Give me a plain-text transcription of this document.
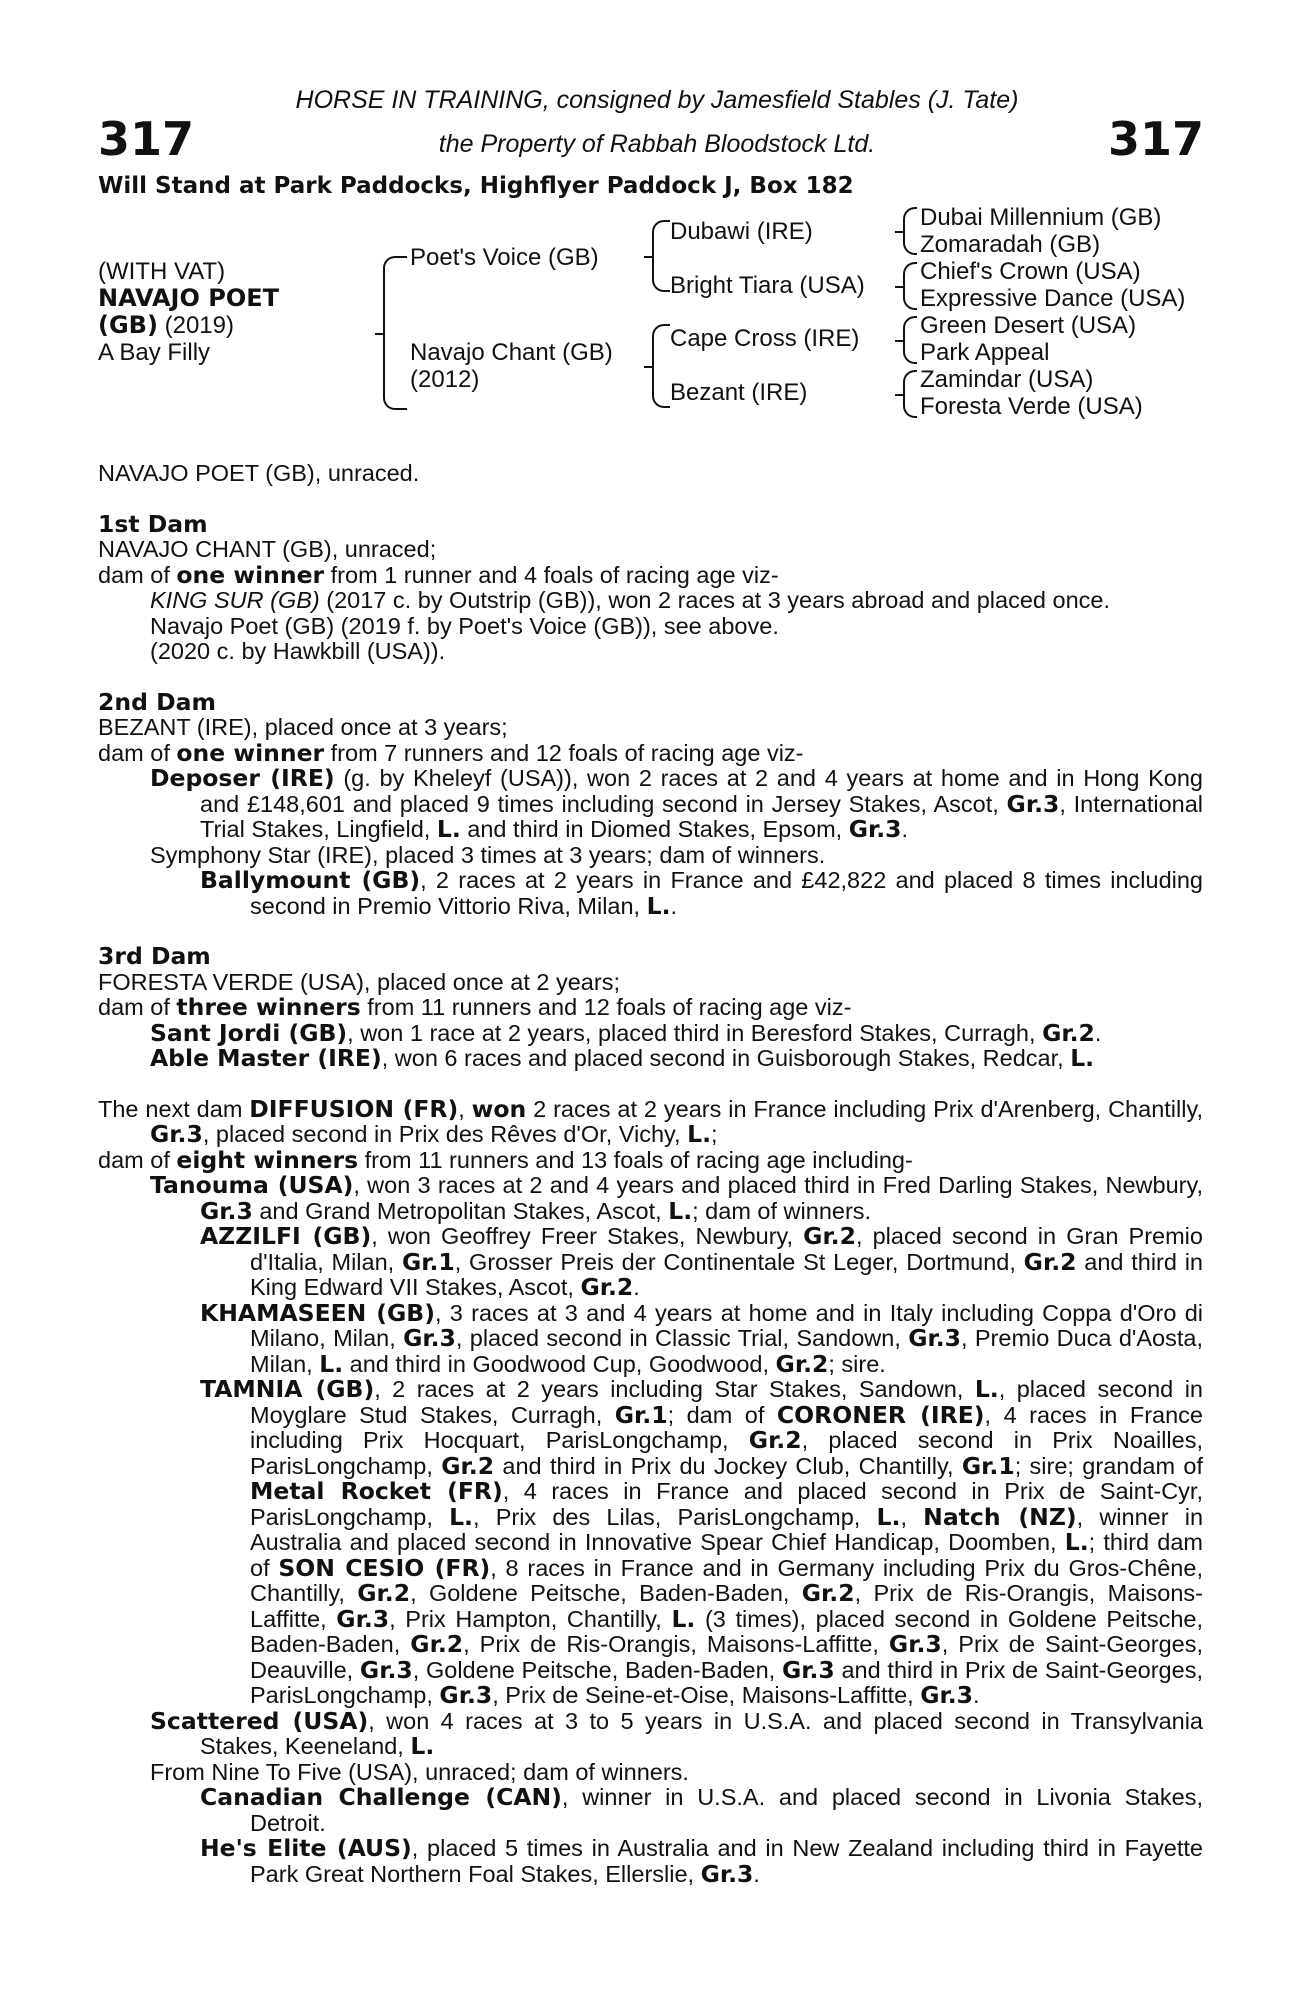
317	317
HORSE IN TRAINING, consigned by Jamesfield Stables (J. Tate)
the Property of Rabbah Bloodstock Ltd.
Will Stand at Park Paddocks, Highflyer Paddock J, Box 182
(WITH VAT)
NAVAJO POET
(GB) (2019)
A Bay Filly
Poet's Voice (GB)
Navajo Chant (GB)
(2012)
Dubawi (IRE)
Bright Tiara (USA)
Cape Cross (IRE)
Bezant (IRE)
Dubai Millennium (GB)
Zomaradah (GB)
Chief's Crown (USA)
Expressive Dance (USA)
Green Desert (USA)
Park Appeal
Zamindar (USA)
Foresta Verde (USA)

NAVAJO POET (GB), unraced.

1st Dam

NAVAJO CHANT (GB), unraced;

dam of one winner from 1 runner and 4 foals of racing age viz-

KING SUR (GB) (2017 c. by Outstrip (GB)), won 2 races at 3 years abroad and placed once.

Navajo Poet (GB) (2019 f. by Poet's Voice (GB)), see above.

(2020 c. by Hawkbill (USA)).

2nd Dam

BEZANT (IRE), placed once at 3 years;

dam of one winner from 7 runners and 12 foals of racing age viz-

Deposer (IRE) (g. by Kheleyf (USA)), won 2 races at 2 and 4 years at home and in Hong Kong and £148,601 and placed 9 times including second in Jersey Stakes, Ascot, Gr.3, International Trial Stakes, Lingfield, L. and third in Diomed Stakes, Epsom, Gr.3.

Symphony Star (IRE), placed 3 times at 3 years; dam of winners.

Ballymount (GB), 2 races at 2 years in France and £42,822 and placed 8 times including second in Premio Vittorio Riva, Milan, L..

3rd Dam

FORESTA VERDE (USA), placed once at 2 years;

dam of three winners from 11 runners and 12 foals of racing age viz-

Sant Jordi (GB), won 1 race at 2 years, placed third in Beresford Stakes, Curragh, Gr.2.

Able Master (IRE), won 6 races and placed second in Guisborough Stakes, Redcar, L.

The next dam DIFFUSION (FR), won 2 races at 2 years in France including Prix d'Arenberg, Chantilly, Gr.3, placed second in Prix des Rêves d'Or, Vichy, L.;

dam of eight winners from 11 runners and 13 foals of racing age including-

Tanouma (USA), won 3 races at 2 and 4 years and placed third in Fred Darling Stakes, Newbury, Gr.3 and Grand Metropolitan Stakes, Ascot, L.; dam of winners.

AZZILFI (GB), won Geoffrey Freer Stakes, Newbury, Gr.2, placed second in Gran Premio d'Italia, Milan, Gr.1, Grosser Preis der Continentale St Leger, Dortmund, Gr.2 and third in King Edward VII Stakes, Ascot, Gr.2.

KHAMASEEN (GB), 3 races at 3 and 4 years at home and in Italy including Coppa d'Oro di Milano, Milan, Gr.3, placed second in Classic Trial, Sandown, Gr.3, Premio Duca d'Aosta, Milan, L. and third in Goodwood Cup, Goodwood, Gr.2; sire.

TAMNIA (GB), 2 races at 2 years including Star Stakes, Sandown, L., placed second in Moyglare Stud Stakes, Curragh, Gr.1; dam of CORONER (IRE), 4 races in France including Prix Hocquart, ParisLongchamp, Gr.2, placed second in Prix Noailles, ParisLongchamp, Gr.2 and third in Prix du Jockey Club, Chantilly, Gr.1; sire; grandam of Metal Rocket (FR), 4 races in France and placed second in Prix de Saint-Cyr, ParisLongchamp, L., Prix des Lilas, ParisLongchamp, L., Natch (NZ), winner in Australia and placed second in Innovative Spear Chief Handicap, Doomben, L.; third dam of SON CESIO (FR), 8 races in France and in Germany including Prix du Gros-Chêne, Chantilly, Gr.2, Goldene Peitsche, Baden-Baden, Gr.2, Prix de Ris-Orangis, Maisons-Laffitte, Gr.3, Prix Hampton, Chantilly, L. (3 times), placed second in Goldene Peitsche, Baden-Baden, Gr.2, Prix de Ris-Orangis, Maisons-Laffitte, Gr.3, Prix de Saint-Georges, Deauville, Gr.3, Goldene Peitsche, Baden-Baden, Gr.3 and third in Prix de Saint-Georges, ParisLongchamp, Gr.3, Prix de Seine-et-Oise, Maisons-Laffitte, Gr.3.

Scattered (USA), won 4 races at 3 to 5 years in U.S.A. and placed second in Transylvania Stakes, Keeneland, L.

From Nine To Five (USA), unraced; dam of winners.

Canadian Challenge (CAN), winner in U.S.A. and placed second in Livonia Stakes, Detroit.

He's Elite (AUS), placed 5 times in Australia and in New Zealand including third in Fayette Park Great Northern Foal Stakes, Ellerslie, Gr.3.
